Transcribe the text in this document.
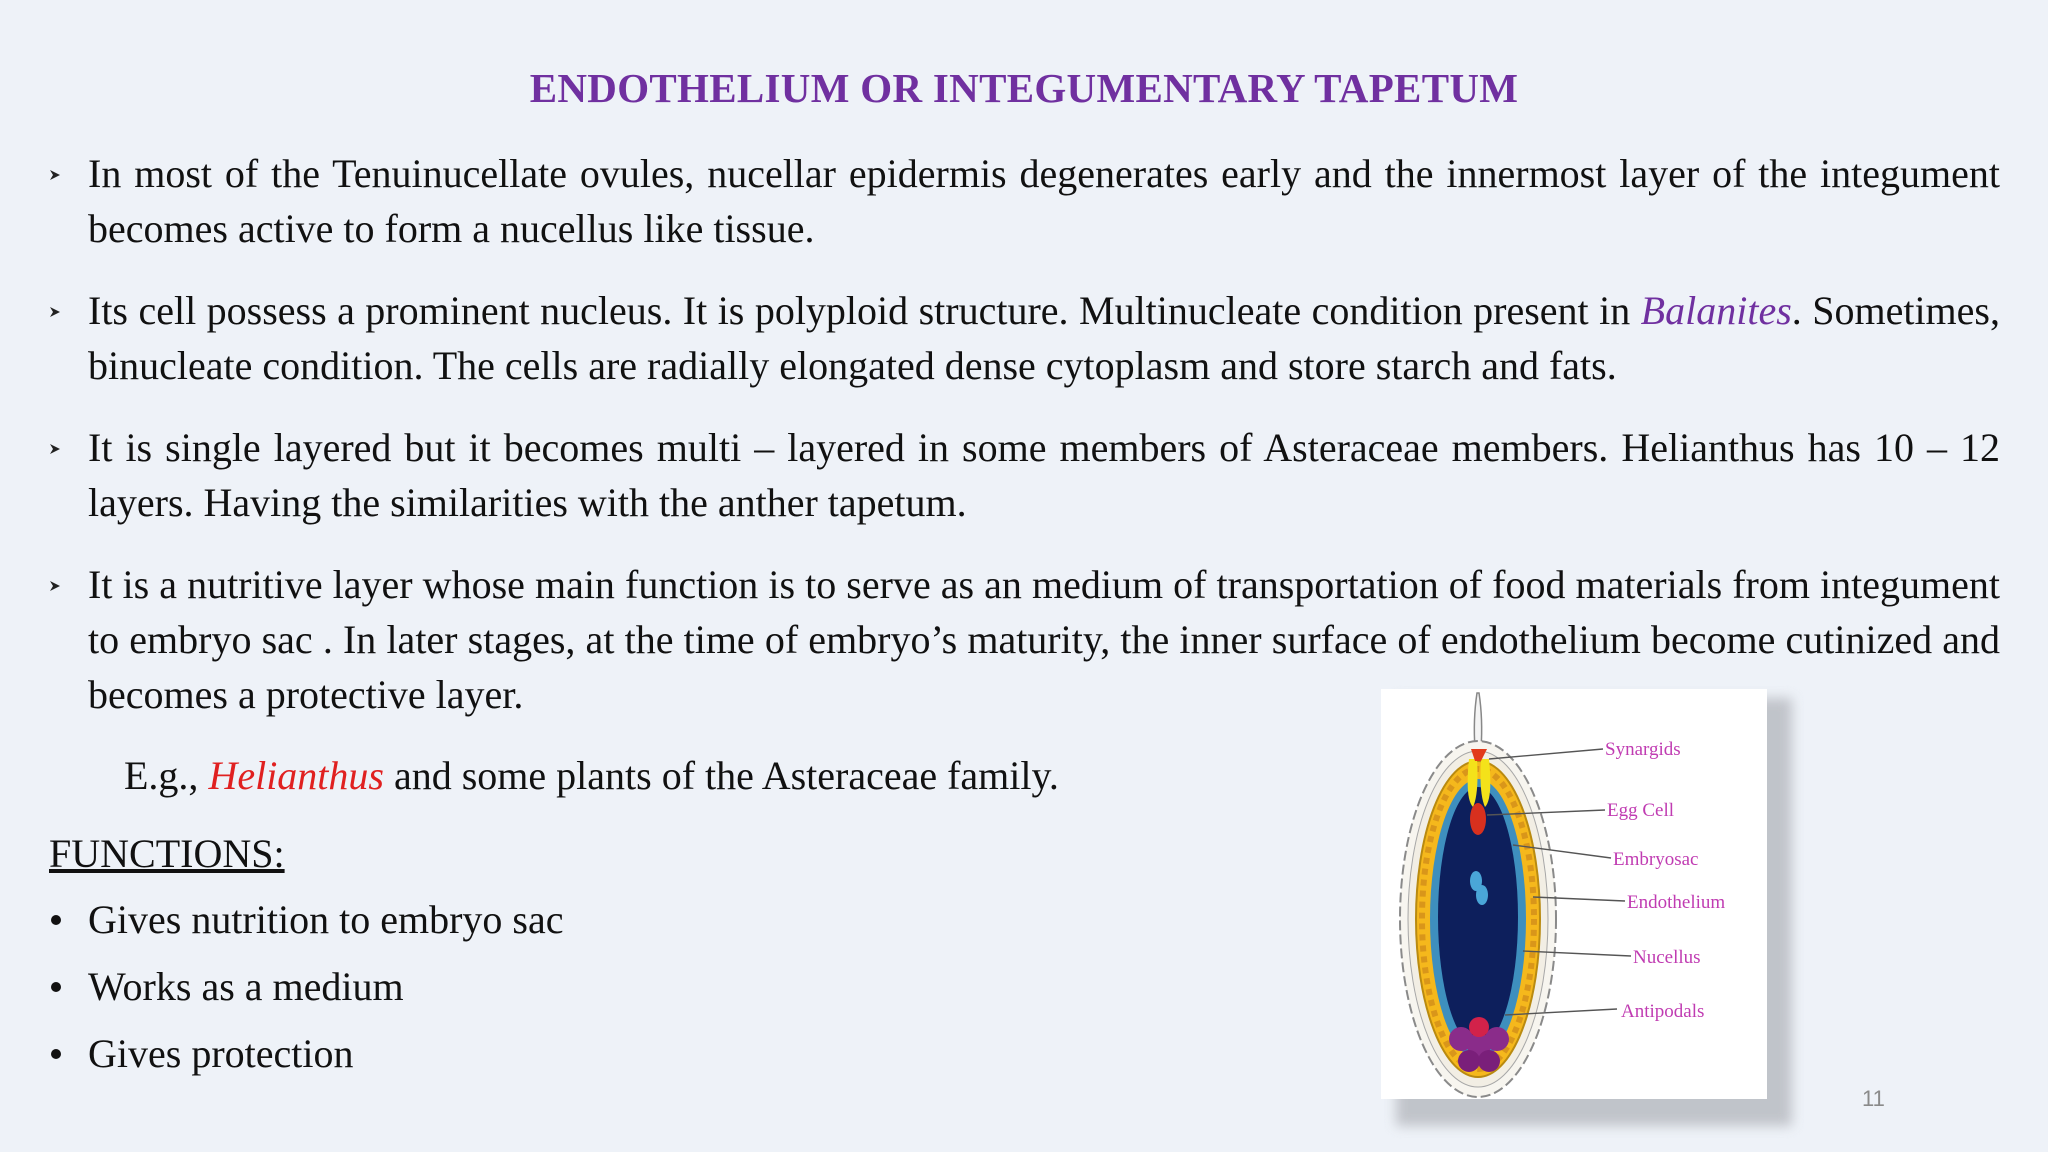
ENDOTHELIUM OR INTEGUMENTARY TAPETUM
In most of the Tenuinucellate ovules, nucellar epidermis degenerates early and the innermost layer of the integument becomes active to form a nucellus like tissue.
Its cell possess a prominent nucleus. It is polyploid structure. Multinucleate condition present in Balanites. Sometimes, binucleate condition. The cells are radially elongated dense cytoplasm and store starch and fats.
It is single layered but it becomes multi – layered in some members of Asteraceae members. Helianthus has 10 – 12 layers. Having the similarities with the anther tapetum.
It is a nutritive layer whose main function is to serve as an medium of transportation of food materials from integument to embryo sac . In later stages, at the time of embryo’s maturity, the inner surface of endothelium become cutinized and becomes a protective layer.
E.g., Helianthus and some plants of the Asteraceae family.
FUNCTIONS:
Gives nutrition to embryo sac
Works as a medium
Gives protection
Synargids
Egg Cell
Embryosac
Endothelium
Nucellus
Antipodals
11
